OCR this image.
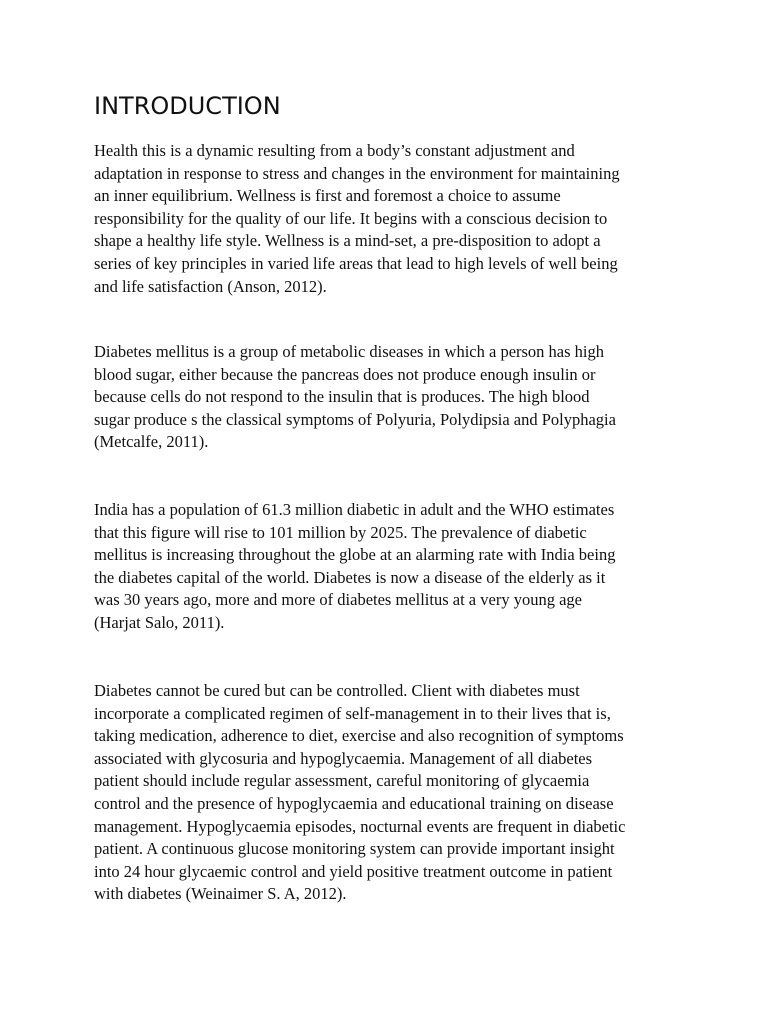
INTRODUCTION

Health this is a dynamic resulting from a body’s constant adjustment and
adaptation in response to stress and changes in the environment for maintaining
an inner equilibrium. Wellness is first and foremost a choice to assume
responsibility for the quality of our life. It begins with a conscious decision to
shape a healthy life style. Wellness is a mind-set, a pre-disposition to adopt a
series of key principles in varied life areas that lead to high levels of well being
and life satisfaction (Anson, 2012).

Diabetes mellitus is a group of metabolic diseases in which a person has high
blood sugar, either because the pancreas does not produce enough insulin or
because cells do not respond to the insulin that is produces. The high blood
sugar produce s the classical symptoms of Polyuria, Polydipsia and Polyphagia
(Metcalfe, 2011).

India has a population of 61.3 million diabetic in adult and the WHO estimates
that this figure will rise to 101 million by 2025. The prevalence of diabetic
mellitus is increasing throughout the globe at an alarming rate with India being
the diabetes capital of the world. Diabetes is now a disease of the elderly as it
was 30 years ago, more and more of diabetes mellitus at a very young age
(Harjat Salo, 2011).

Diabetes cannot be cured but can be controlled. Client with diabetes must
incorporate a complicated regimen of self-management in to their lives that is,
taking medication, adherence to diet, exercise and also recognition of symptoms
associated with glycosuria and hypoglycaemia. Management of all diabetes
patient should include regular assessment, careful monitoring of glycaemia
control and the presence of hypoglycaemia and educational training on disease
management. Hypoglycaemia episodes, nocturnal events are frequent in diabetic
patient. A continuous glucose monitoring system can provide important insight
into 24 hour glycaemic control and yield positive treatment outcome in patient
with diabetes (Weinaimer S. A, 2012).
